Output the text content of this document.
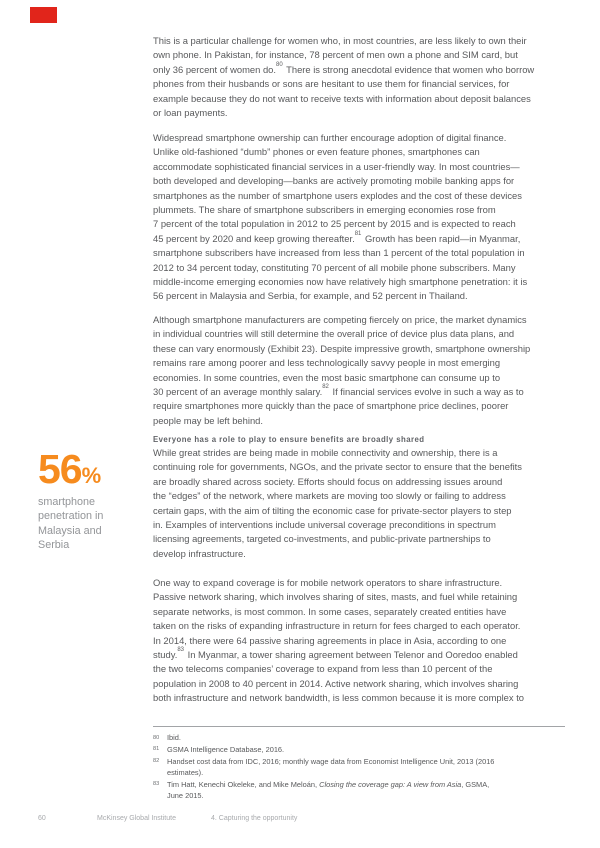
56%
smartphone
penetration in
Malaysia and
Serbia
This is a particular challenge for women who, in most countries, are less likely to own their
own phone. In Pakistan, for instance, 78 percent of men own a phone and SIM card, but
only 36 percent of women do.$^{80}$ There is strong anecdotal evidence that women who borrow
phones from their husbands or sons are hesitant to use them for financial services, for
example because they do not want to receive texts with information about deposit balances
or loan payments.
Widespread smartphone ownership can further encourage adoption of digital finance.
Unlike old-fashioned “dumb” phones or even feature phones, smartphones can
accommodate sophisticated financial services in a user-friendly way. In most countries—
both developed and developing—banks are actively promoting mobile banking apps for
smartphones as the number of smartphone users explodes and the cost of these devices
plummets. The share of smartphone subscribers in emerging economies rose from
7 percent of the total population in 2012 to 25 percent by 2015 and is expected to reach
45 percent by 2020 and keep growing thereafter.$^{81}$ Growth has been rapid—in Myanmar,
smartphone subscribers have increased from less than 1 percent of the total population in
2012 to 34 percent today, constituting 70 percent of all mobile phone subscribers. Many
middle-income emerging economies now have relatively high smartphone penetration: it is
56 percent in Malaysia and Serbia, for example, and 52 percent in Thailand.
Although smartphone manufacturers are competing fiercely on price, the market dynamics
in individual countries will still determine the overall price of device plus data plans, and
these can vary enormously (Exhibit 23). Despite impressive growth, smartphone ownership
remains rare among poorer and less technologically savvy people in most emerging
economies. In some countries, even the most basic smartphone can consume up to
30 percent of an average monthly salary.$^{82}$ If financial services evolve in such a way as to
require smartphones more quickly than the pace of smartphone price declines, poorer
people may be left behind.
While great strides are being made in mobile connectivity and ownership, there is a
continuing role for governments, NGOs, and the private sector to ensure that the benefits
are broadly shared across society. Efforts should focus on addressing issues around
the “edges” of the network, where markets are moving too slowly or failing to address
certain gaps, with the aim of tilting the economic case for private-sector players to step
in. Examples of interventions include universal coverage preconditions in spectrum
licensing agreements, targeted co-investments, and public-private partnerships to
develop infrastructure.
One way to expand coverage is for mobile network operators to share infrastructure.
Passive network sharing, which involves sharing of sites, masts, and fuel while retaining
separate networks, is most common. In some cases, separately created entities have
taken on the risks of expanding infrastructure in return for fees charged to each operator.
In 2014, there were 64 passive sharing agreements in place in Asia, according to one
study.$^{83}$ In Myanmar, a tower sharing agreement between Telenor and Ooredoo enabled
the two telecoms companies’ coverage to expand from less than 10 percent of the
population in 2008 to 40 percent in 2014. Active network sharing, which involves sharing
both infrastructure and network bandwidth, is less common because it is more complex to
Everyone has a role to play to ensure benefits are broadly shared
80	Ibid.
81	GSMA Intelligence Database, 2016.
82	Handset cost data from IDC, 2016; monthly wage data from Economist Intelligence Unit, 2013 (2016 estimates).
83	Tim Hatt, Kenechi Okeleke, and Mike Meloán, Closing the coverage gap: A view from Asia, GSMA, June 2015.
60	McKinsey Global Institute	4. Capturing the opportunity
